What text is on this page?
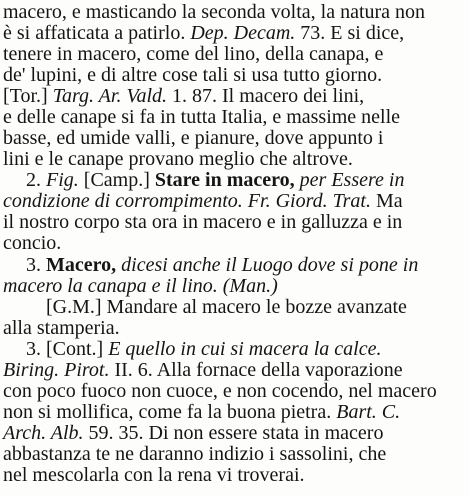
macero, e masticando la seconda volta, la natura non
è si affaticata a patirlo. Dep. Decam. 73. E si dice,
tenere in macero, come del lino, della canapa, e
de' lupini, e di altre cose tali si usa tutto giorno.
[Tor.] Targ. Ar. Vald. 1. 87. Il macero dei lini,
e delle canape si fa in tutta Italia, e massime nelle
basse, ed umide valli, e pianure, dove appunto i
lini e le canape provano meglio che altrove.
2. Fig. [Camp.] Stare in macero, per Essere in
condizione di corrompimento. Fr. Giord. Trat. Ma
il nostro corpo sta ora in macero e in galluzza e in
concio.
3. Macero, dicesi anche il Luogo dove si pone in
macero la canapa e il lino. (Man.)
[G.M.] Mandare al macero le bozze avanzate
alla stamperia.
3. [Cont.] E quello in cui si macera la calce.
Biring. Pirot. II. 6. Alla fornace della vaporazione
con poco fuoco non cuoce, e non cocendo, nel macero
non si mollifica, come fa la buona pietra. Bart. C.
Arch. Alb. 59. 35. Di non essere stata in macero
abbastanza te ne daranno indizio i sassolini, che
nel mescolarla con la rena vi troverai.
